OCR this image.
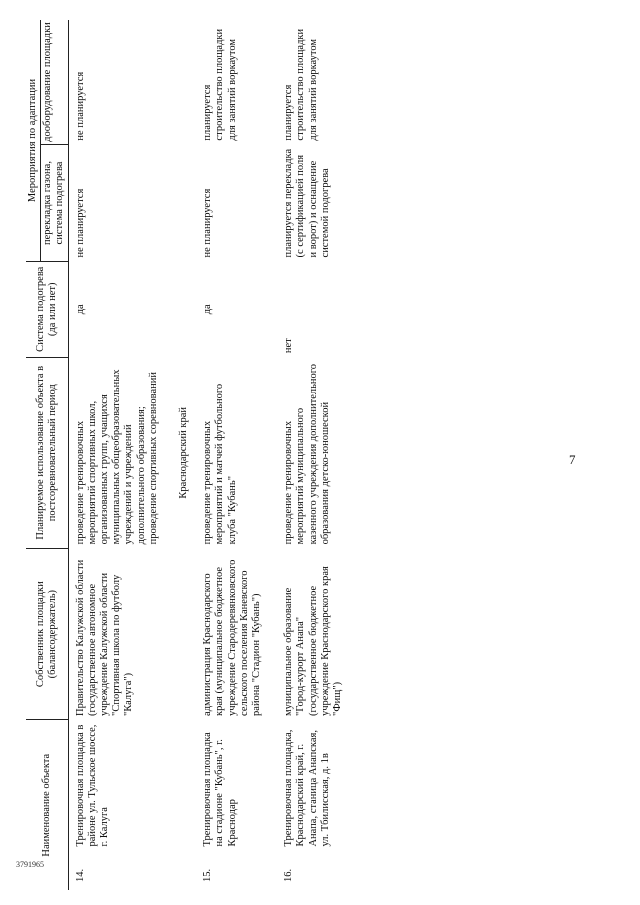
7
Наименование объекта		Собственник площадки (балансодержатель)	Планируемое использование объекта в постсоревновательный период	Система подогрева (да или нет)	Мероприятия по адаптации	
					перекладка газона, система подогрева	дооборудование площадки
14.	Тренировочная площадка в районе ул. Тульское шоссе, г. Калуга	Правительство Калужской области (государственное автономное учреждение Калужской области "Спортивная школа по футболу "Калуга")	проведение тренировочных мероприятий спортивных школ, организованных групп, учащихся муниципальных общеобразовательных учреждений и учреждений дополнительного образования; проведение спортивных соревнований	да	не планируется	не планируется
			Краснодарский край			
15.	Тренировочная площадка на стадионе "Кубань", г. Краснодар	администрация Краснодарского края (муниципальное бюджетное учреждение Стародеревянковского сельского поселения Каневского района "Стадион "Кубань")	проведение тренировочных мероприятий и матчей футбольного клуба "Кубань"	да	не планируется	планируется строительство площадки для занятий воркаутом
16.	Тренировочная площадка, Краснодарский край, г. Анапа, станица Анапская, ул. Тбилисская, д. 1в	муниципальное образование "Город-курорт Анапа" (государственное бюджетное учреждение Краснодарского края "Фищ")	проведение тренировочных мероприятий муниципального казенного учреждения дополнительного образования детско-юношеской	нет	планируется перекладка (с сертификацией поля и ворот) и оснащение системой подогрева	планируется строительство площадки для занятий воркаутом
3791965
